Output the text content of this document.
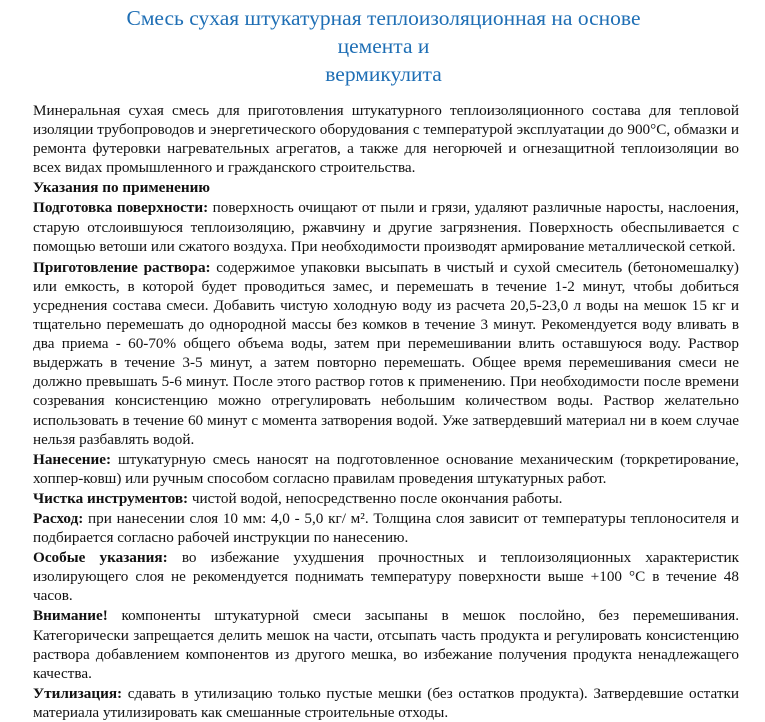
Смесь сухая штукатурная теплоизоляционная на основе цемента и
вермикулита

Минеральная сухая смесь для приготовления штукатурного теплоизоляционного состава для тепловой изоляции трубопроводов и энергетического оборудования с температурой эксплуатации до 900°С, обмазки и ремонта футеровки нагревательных агрегатов, а также для негорючей и огнезащитной теплоизоляции во всех видах промышленного и гражданского строительства.

Указания по применению

Подготовка поверхности: поверхность очищают от пыли и грязи, удаляют различные наросты, наслоения, старую отслоившуюся теплоизоляцию, ржавчину и другие загрязнения. Поверхность обеспыливается с помощью ветоши или сжатого воздуха. При необходимости производят армирование металлической сеткой.

Приготовление раствора: содержимое упаковки высыпать в чистый и сухой смеситель (бетономешалку) или емкость, в которой будет проводиться замес, и перемешать в течение 1-2 минут, чтобы добиться усреднения состава смеси. Добавить чистую холодную воду из расчета 20,5-23,0 л воды на мешок 15 кг и тщательно перемешать до однородной массы без комков в течение 3 минут. Рекомендуется воду вливать в два приема - 60-70% общего объема воды, затем при перемешивании влить оставшуюся воду. Раствор выдержать в течение 3-5 минут, а затем повторно перемешать. Общее время перемешивания смеси не должно превышать 5-6 минут. После этого раствор готов к применению. При необходимости после времени созревания консистенцию можно отрегулировать небольшим количеством воды. Раствор желательно использовать в течение 60 минут с момента затворения водой. Уже затвердевший материал ни в коем случае нельзя разбавлять водой.

Нанесение: штукатурную смесь наносят на подготовленное основание механическим (торкретирование, хоппер-ковш) или ручным способом согласно правилам проведения штукатурных работ.

Чистка инструментов: чистой водой, непосредственно после окончания работы.

Расход: при нанесении слоя 10 мм: 4,0 - 5,0 кг/ м². Толщина слоя зависит от температуры теплоносителя и подбирается согласно рабочей инструкции по нанесению.

Особые указания: во избежание ухудшения прочностных и теплоизоляционных характеристик изолирующего слоя не рекомендуется поднимать температуру поверхности выше +100 °С в течение 48 часов.

Внимание! компоненты штукатурной смеси засыпаны в мешок послойно, без перемешивания. Категорически запрещается делить мешок на части, отсыпать часть продукта и регулировать консистенцию раствора добавлением компонентов из другого мешка, во избежание получения продукта ненадлежащего качества.

Утилизация: сдавать в утилизацию только пустые мешки (без остатков продукта). Затвердевшие остатки материала утилизировать как смешанные строительные отходы.
